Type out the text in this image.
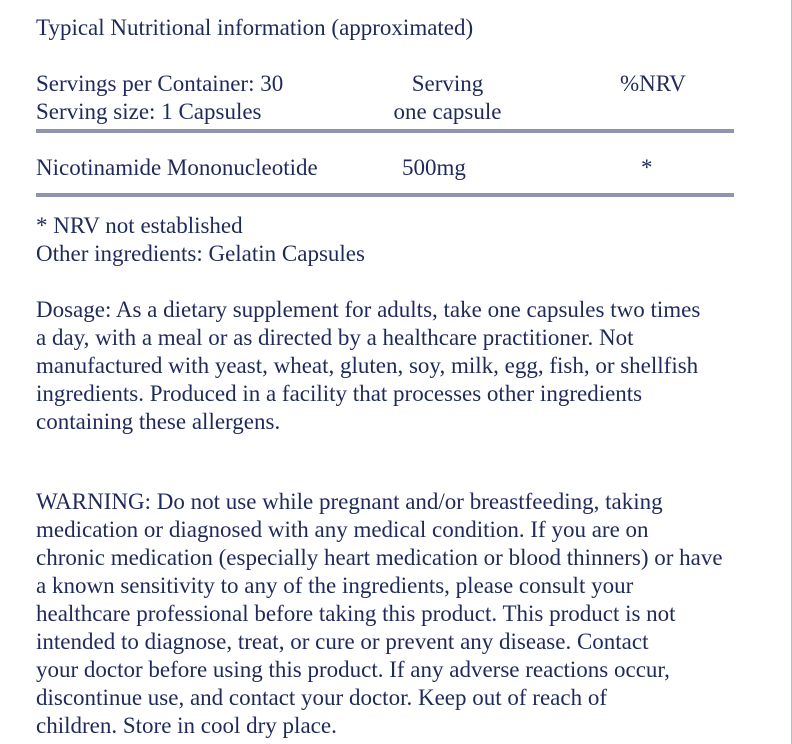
Typical Nutritional information (approximated)
Servings per Container: 30
Serving size: 1 Capsules
Serving
one capsule
%NRV
Nicotinamide Mononucleotide	500mg	*
* NRV not established
Other ingredients: Gelatin Capsules
Dosage: As a dietary supplement for adults, take one capsules two times
a day, with a meal or as directed by a healthcare practitioner. Not
manufactured with yeast, wheat, gluten, soy, milk, egg, fish, or shellfish
ingredients. Produced in a facility that processes other ingredients
containing these allergens.
WARNING: Do not use while pregnant and/or breastfeeding, taking
medication or diagnosed with any medical condition. If you are on
chronic medication (especially heart medication or blood thinners) or have
a known sensitivity to any of the ingredients, please consult your
healthcare professional before taking this product. This product is not
intended to diagnose, treat, or cure or prevent any disease. Contact
your doctor before using this product. If any adverse reactions occur,
discontinue use, and contact your doctor. Keep out of reach of
children. Store in cool dry place.
